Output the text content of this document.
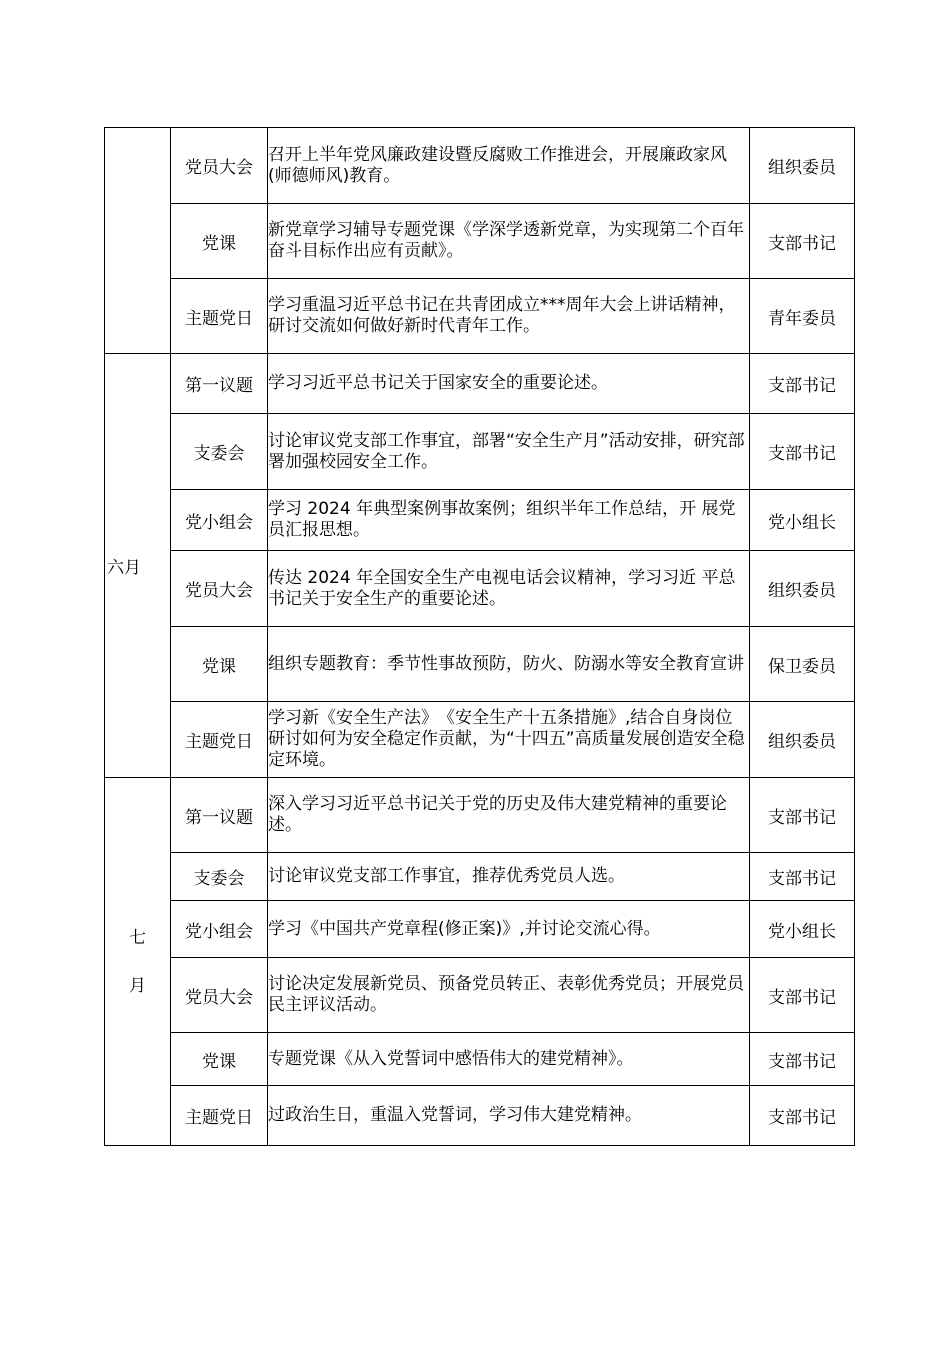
	党员大会	召开上半年党风廉政建设暨反腐败工作推进会，开展廉政家风(师德师风)教育。	组织委员
	党课	新党章学习辅导专题党课《学深学透新党章，为实现第二个百年奋斗目标作出应有贡献》。	支部书记
	主题党日	学习重温习近平总书记在共青团成立***周年大会上讲话精神，研讨交流如何做好新时代青年工作。	青年委员
六月	第一议题	学习习近平总书记关于国家安全的重要论述。	支部书记
	支委会	讨论审议党支部工作事宜，部署“安全生产月”活动安排，研究部署加强校园安全工作。	支部书记
	党小组会	学习 2024 年典型案例事故案例；组织半年工作总结，开 展党员汇报思想。	党小组长
	党员大会	传达 2024 年全国安全生产电视电话会议精神，学习习近 平总书记关于安全生产的重要论述。	组织委员
	党课	组织专题教育：季节性事故预防，防火、防溺水等安全教育宣讲	保卫委员
	主题党日	学习新《安全生产法》　《安全生产十五条措施》,结合自身岗位研讨如何为安全稳定作贡献，为“十四五”高质量发展创造安全稳定环境。	组织委员

七
月	第一议题	深入学习习近平总书记关于党的历史及伟大建党精神的重要论述。	支部书记
	支委会	讨论审议党支部工作事宜，推荐优秀党员人选。	支部书记
	党小组会	学习《中国共产党章程(修正案)》,并讨论交流心得。	党小组长
	党员大会	讨论决定发展新党员、预备党员转正、表彰优秀党员；开展党员民主评议活动。	支部书记
	党课	专题党课《从入党誓词中感悟伟大的建党精神》。	支部书记
	主题党日	过政治生日，重温入党誓词，学习伟大建党精神。	支部书记
